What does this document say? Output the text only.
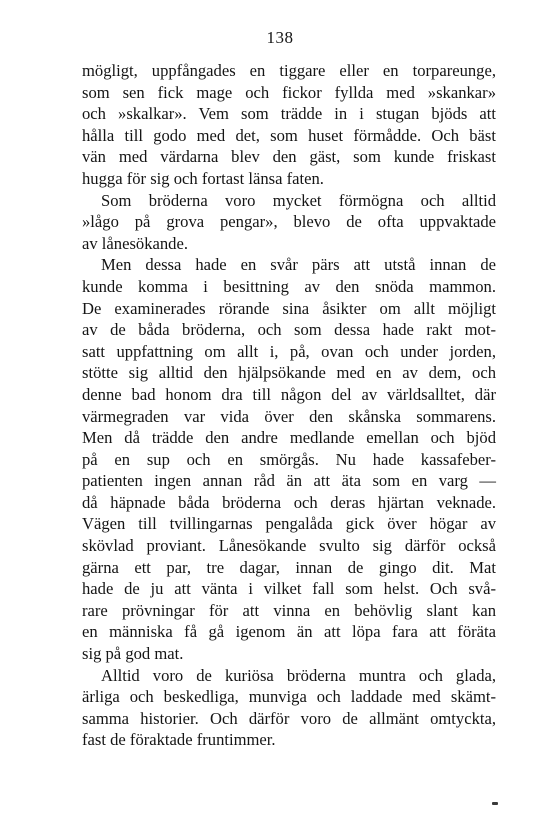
138
mögligt, uppfångades en tiggare eller en torpareunge,
som sen fick mage och fickor fyllda med »skankar»
och »skalkar». Vem som trädde in i stugan bjöds att
hålla till godo med det, som huset förmådde. Och bäst
vän med värdarna blev den gäst, som kunde friskast
hugga för sig och fortast länsa faten.
Som bröderna voro mycket förmögna och alltid
»lågo på grova pengar», blevo de ofta uppvaktade
av lånesökande.
Men dessa hade en svår pärs att utstå innan de
kunde komma i besittning av den snöda mammon.
De examinerades rörande sina åsikter om allt möjligt
av de båda bröderna, och som dessa hade rakt mot-
satt uppfattning om allt i, på, ovan och under jorden,
stötte sig alltid den hjälpsökande med en av dem, och
denne bad honom dra till någon del av världsalltet, där
värmegraden var vida över den skånska sommarens.
Men då trädde den andre medlande emellan och bjöd
på en sup och en smörgås. Nu hade kassafeber-
patienten ingen annan råd än att äta som en varg —
då häpnade båda bröderna och deras hjärtan veknade.
Vägen till tvillingarnas pengalåda gick över högar av
skövlad proviant. Lånesökande svulto sig därför också
gärna ett par, tre dagar, innan de gingo dit. Mat
hade de ju att vänta i vilket fall som helst. Och svå-
rare prövningar för att vinna en behövlig slant kan
en människa få gå igenom än att löpa fara att föräta
sig på god mat.
Alltid voro de kuriösa bröderna muntra och glada,
ärliga och beskedliga, munviga och laddade med skämt-
samma historier. Och därför voro de allmänt omtyckta,
fast de föraktade fruntimmer.
